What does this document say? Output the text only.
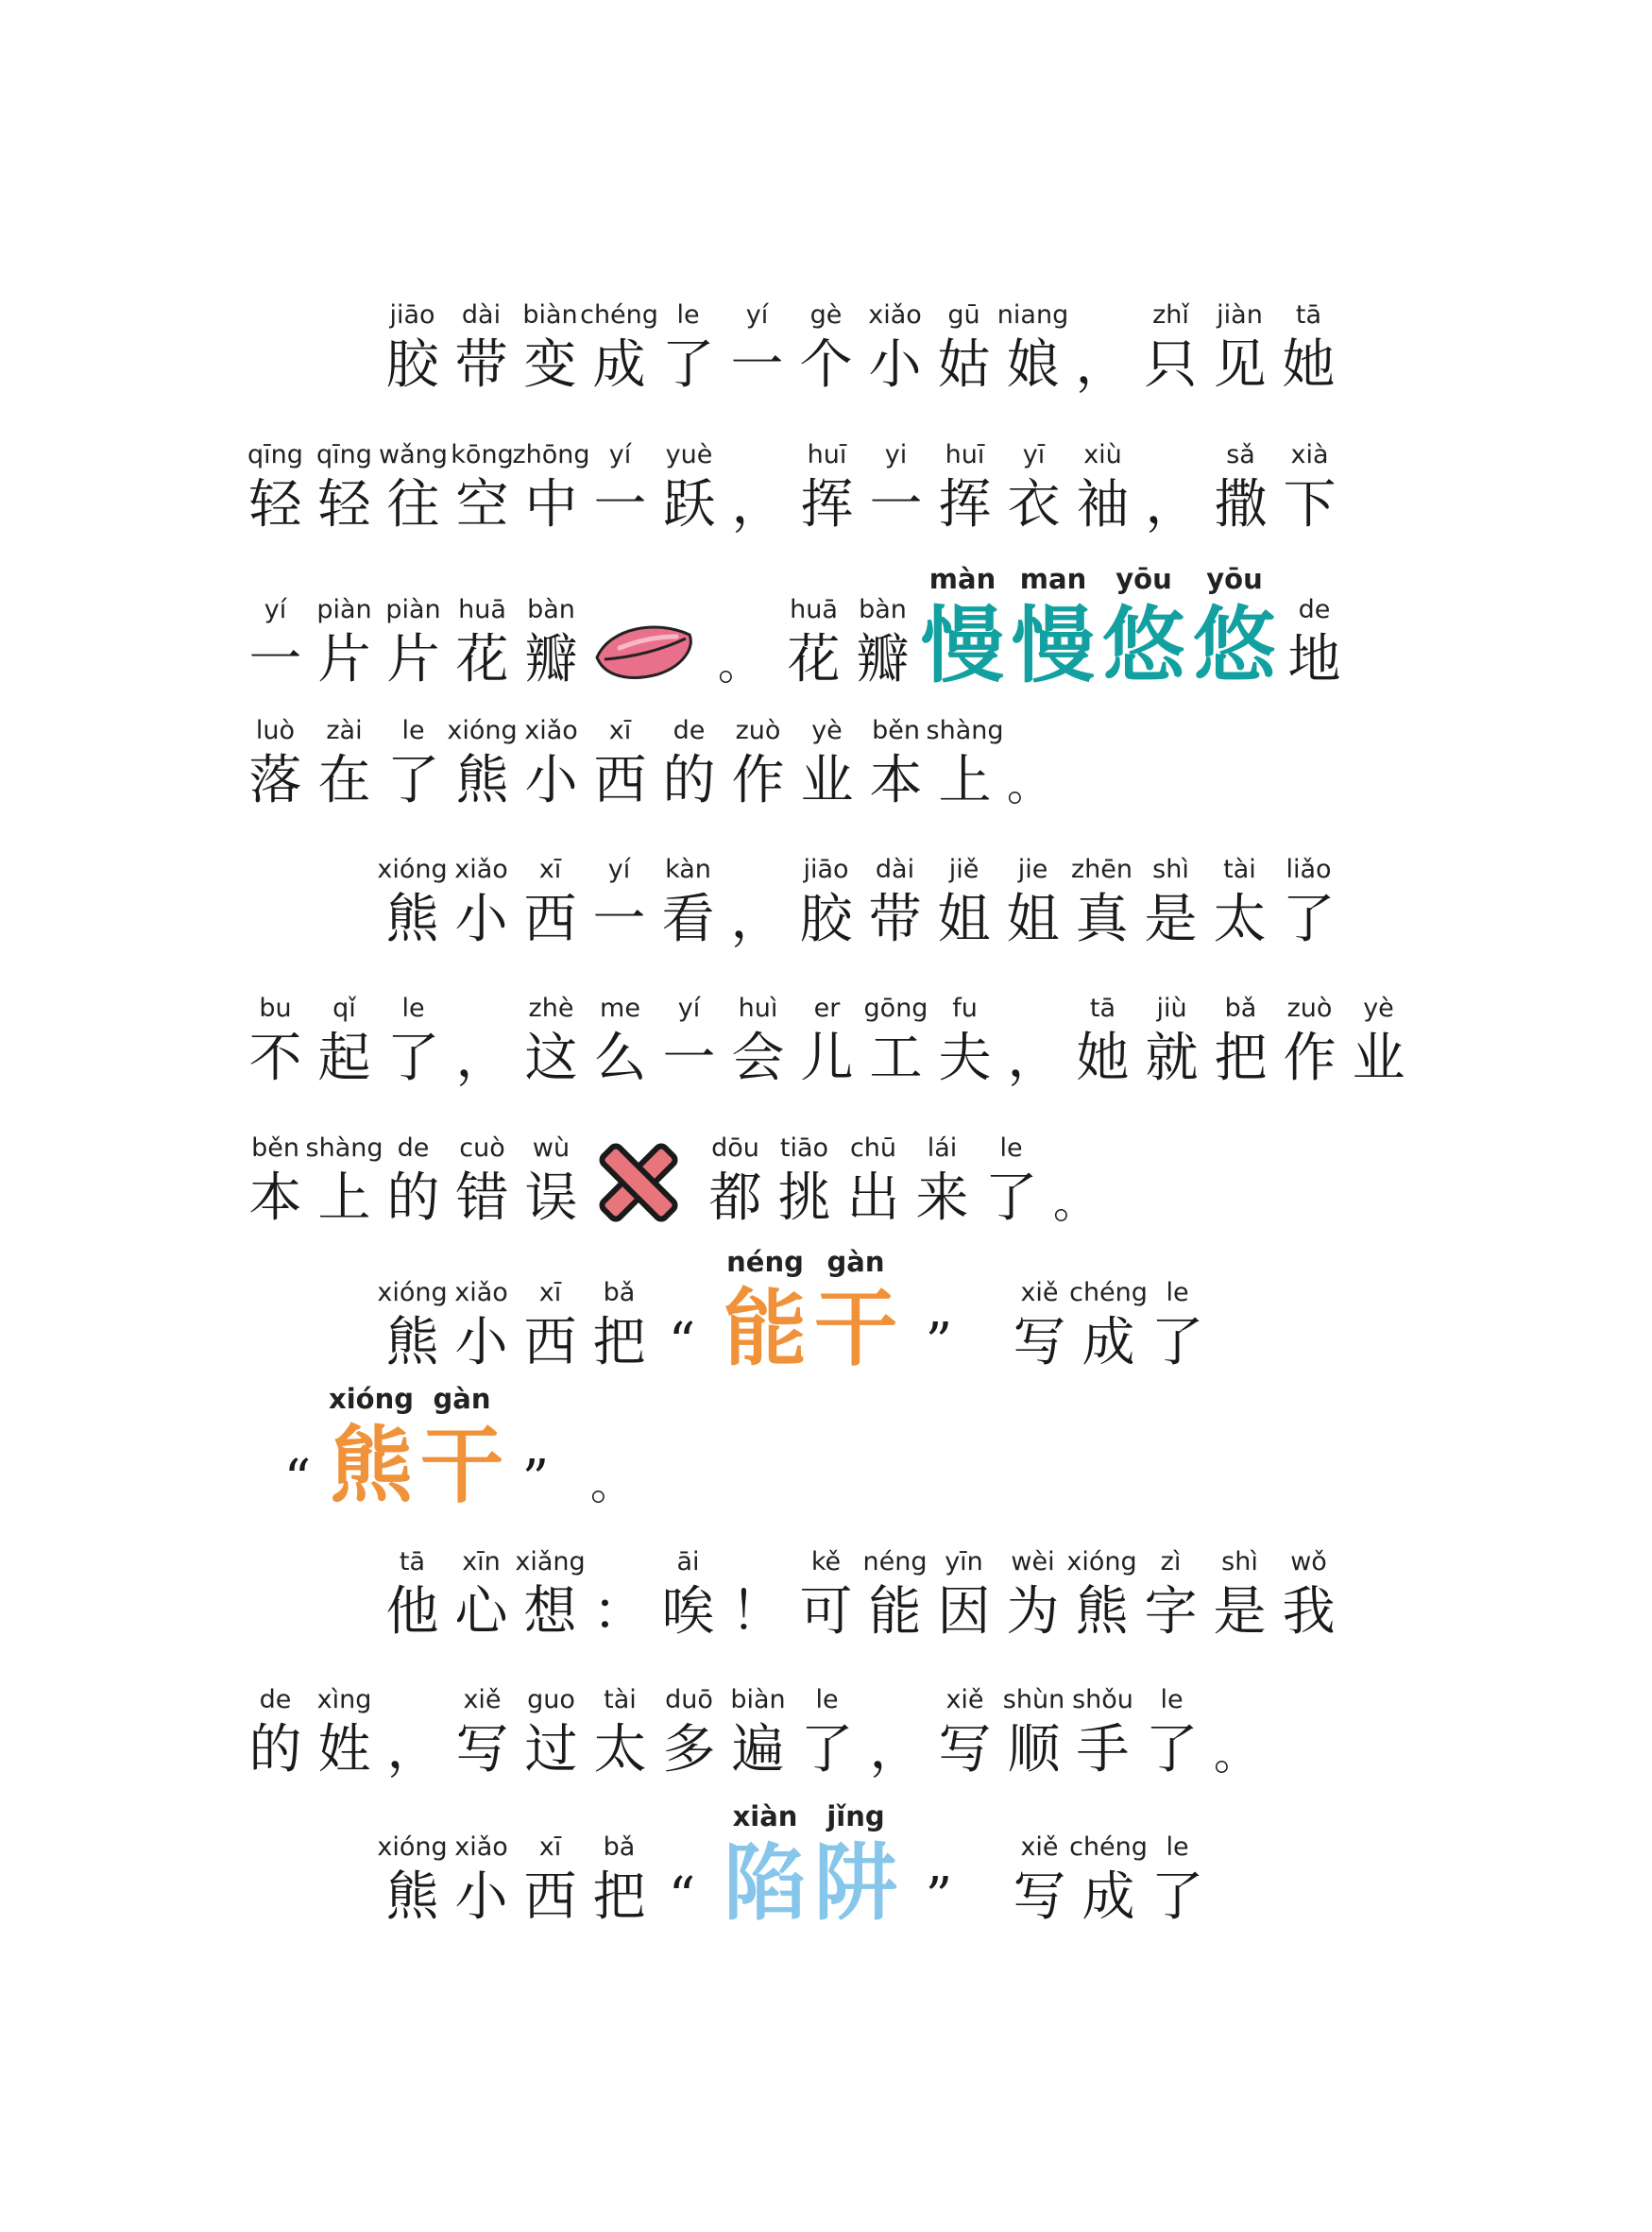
jiāo
胶
dài
带
biàn
变
chéng
成
le
了
yí
一
gè
个
xiǎo
小
gū
姑
niang
娘 ，
zhǐ
只
jiàn
见
tā
她
qīng
轻
qīng
轻
wǎng
往
kōng
空
zhōng
中
yí
一
yuè
跃 ，
huī
挥
yi
一
huī
挥
yī
衣
xiù
袖 ，
sǎ
撒
xià
下
yí
一
piàn
片
piàn
片
huā
花
bàn
瓣	。
huā
花
bàn
瓣
màn
慢
man
慢
yōu
悠
yōu
悠 de
地
luò
落
zài
在
le
了
xióng
熊
xiǎo
小
xī
西
de
的
zuò
作
yè
业
běn
本
shàng
上 。
xióng
熊
xiǎo
小
xī
西
yí
一
kàn
看 ，
jiāo
胶
dài
带
jiě
姐
jie
姐
zhēn
真
shì
是
tài
太
liǎo
了
bu
不
qǐ
起
le
了 ，
zhè
这
me
么
yí
一
huì
会
er
儿
gōng
工
fu
夫 ，
tā
她
jiù
就
bǎ
把
zuò
作
yè
业
běn
本
shàng
上
de
的
cuò
错
wù
误
dōu
都
tiāo
挑
chū
出
lái
来
le
了 。
xióng
熊
xiǎo
小
xī
西
bǎ
把 “
néng
能
gàn
干 ”
xiě
写
chéng
成
le
了
“
xióng
熊
gàn
干 ” 。
tā
他
xīn
心
xiǎng
想 ：
āi
唉 ！
kě
可
néng
能
yīn
因
wèi
为
xióng
熊
zì
字
shì
是
wǒ
我
de
的
xìng
姓 ，
xiě
写
guo
过
tài
太
duō
多
biàn
遍
le
了 ，
xiě
写
shùn
顺
shǒu
手
le
了 。
xióng
熊
xiǎo
小
xī
西
bǎ
把 “
xiàn
陷
jǐng
阱 ”
xiě
写
chéng
成
le
了
